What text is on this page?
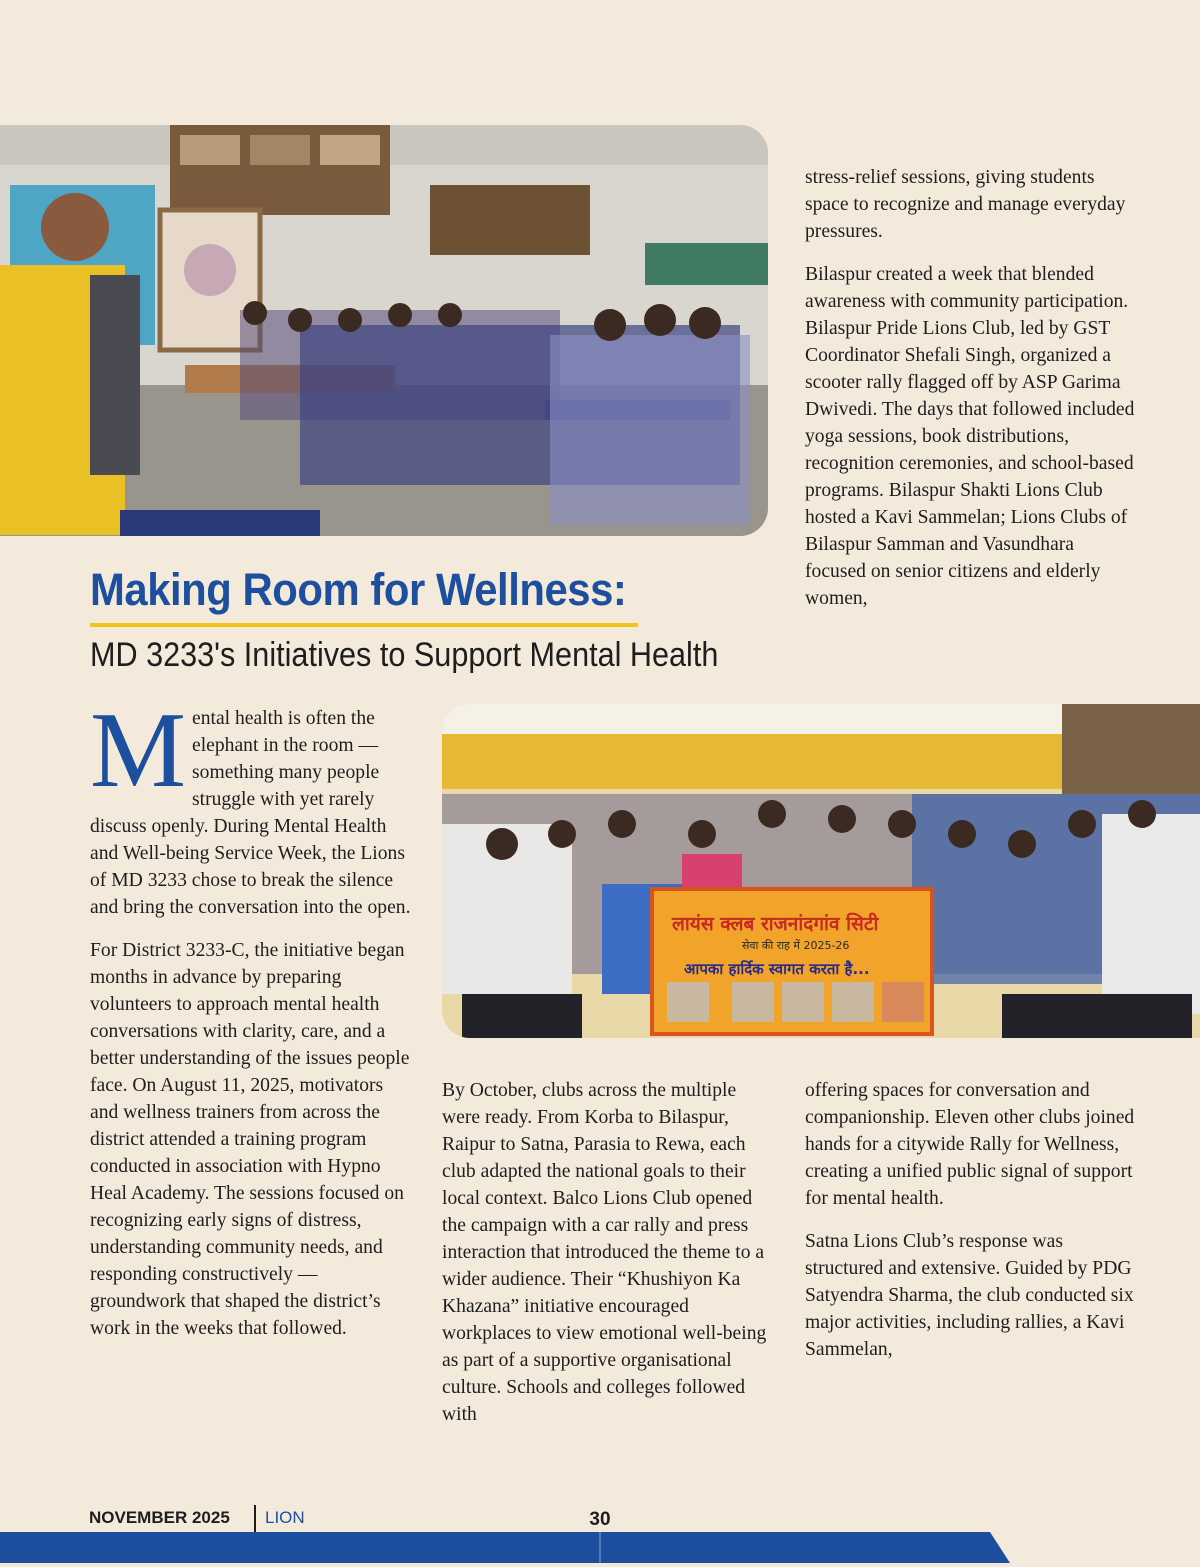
stress-relief sessions, giving students space to recognize and manage everyday pressures.

Bilaspur created a week that blended awareness with community participation. Bilaspur Pride Lions Club, led by GST Coordinator Shefali Singh, organized a scooter rally flagged off by ASP Garima Dwivedi. The days that followed included yoga sessions, book distributions, recognition ceremonies, and school-based programs. Bilaspur Shakti Lions Club hosted a Kavi Sammelan; Lions Clubs of Bilaspur Samman and Vasundhara focused on senior citizens and elderly women,

Making Room for Wellness:
MD 3233's Initiatives to Support Mental Health

Mental health is often the elephant in the room — something many people struggle with yet rarely discuss openly. During Mental Health and Well-being Service Week, the Lions of MD 3233 chose to break the silence and bring the conversation into the open.

For District 3233-C, the initiative began months in advance by preparing volunteers to approach mental health conversations with clarity, care, and a better understanding of the issues people face. On August 11, 2025, motivators and wellness trainers from across the district attended a training program conducted in association with Hypno Heal Academy. The sessions focused on recognizing early signs of distress, understanding community needs, and responding constructively — groundwork that shaped the district’s work in the weeks that followed.

लायंस क्लब राजनांदगांव सिटी
सेवा की राह में 2025-26
आपका हार्दिक स्वागत करता है...

By October, clubs across the multiple were ready. From Korba to Bilaspur, Raipur to Satna, Parasia to Rewa, each club adapted the national goals to their local context. Balco Lions Club opened the campaign with a car rally and press interaction that introduced the theme to a wider audience. Their “Khushiyon Ka Khazana” initiative encouraged workplaces to view emotional well-being as part of a supportive organisational culture. Schools and colleges followed with

offering spaces for conversation and companionship. Eleven other clubs joined hands for a citywide Rally for Wellness, creating a unified public signal of support for mental health.

Satna Lions Club’s response was structured and extensive. Guided by PDG Satyendra Sharma, the club conducted six major activities, including rallies, a Kavi Sammelan,

NOVEMBER 2025 LION	30
